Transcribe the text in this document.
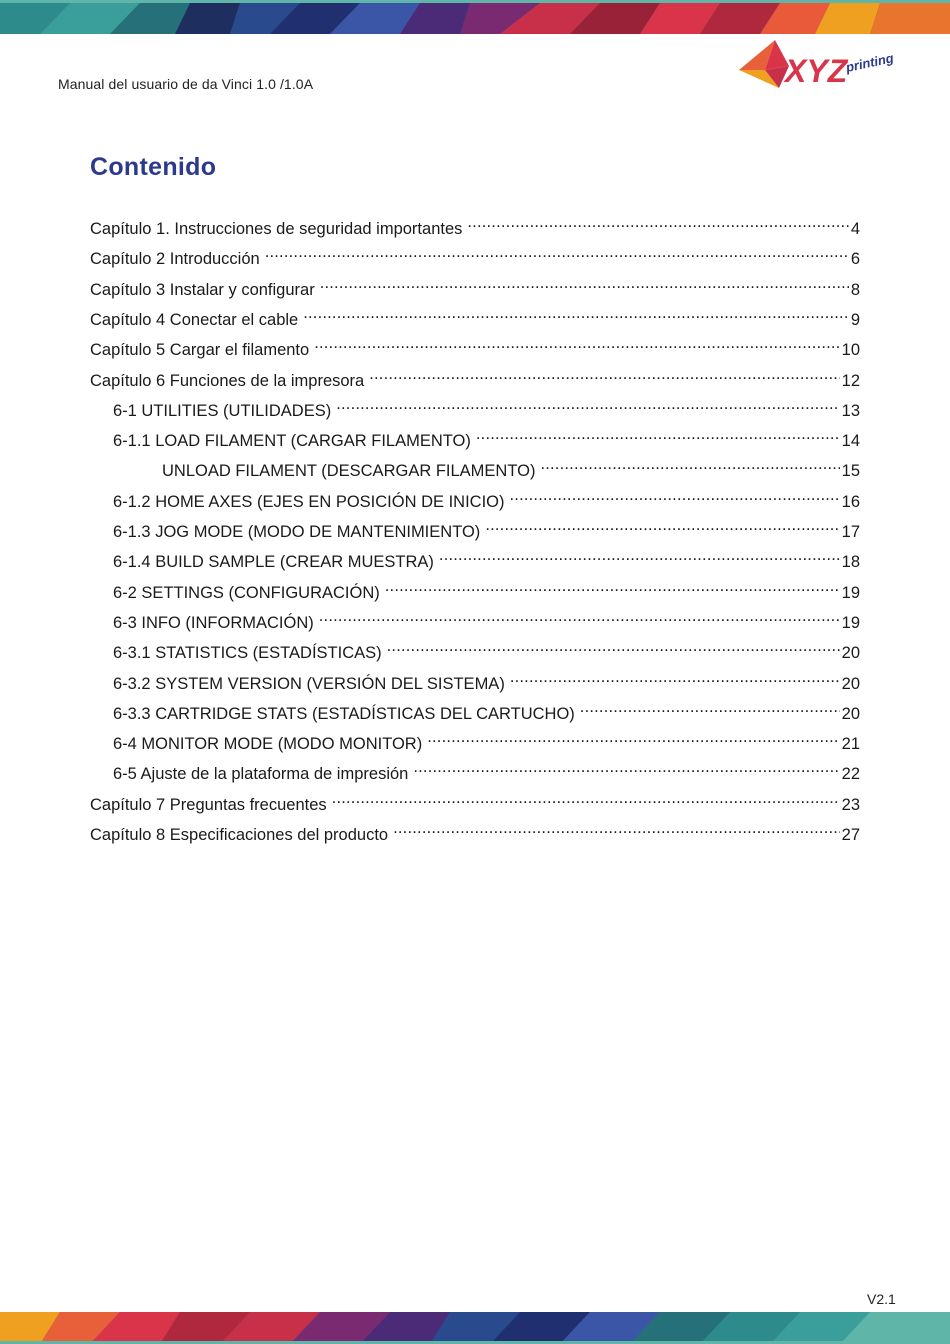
Manual del usuario de da Vinci 1.0 /1.0A	XYZ
printing
Contenido
Capítulo 1. Instrucciones de seguridad importantes .....	4
Capítulo 2 Introducción .....	6
Capítulo 3 Instalar y configurar .....	8
Capítulo 4 Conectar el cable .....	9
Capítulo 5 Cargar el filamento .....	10
Capítulo 6 Funciones de la impresora .....	12
6-1 UTILITIES (UTILIDADES) .....	13
6-1.1 LOAD FILAMENT (CARGAR FILAMENTO) .....	14
UNLOAD FILAMENT (DESCARGAR FILAMENTO) .....	15
6-1.2 HOME AXES (EJES EN POSICIÓN DE INICIO) .....	16
6-1.3 JOG MODE (MODO DE MANTENIMIENTO) .....	17
6-1.4 BUILD SAMPLE (CREAR MUESTRA) .....	18
6-2 SETTINGS (CONFIGURACIÓN) .....	19
6-3 INFO (INFORMACIÓN) .....	19
6-3.1 STATISTICS (ESTADÍSTICAS) .....	20
6-3.2 SYSTEM VERSION (VERSIÓN DEL SISTEMA) .....	20
6-3.3 CARTRIDGE STATS (ESTADÍSTICAS DEL CARTUCHO) .....	20
6-4 MONITOR MODE (MODO MONITOR) .....	21
6-5 Ajuste de la plataforma de impresión .....	22
Capítulo 7 Preguntas frecuentes .....	23
Capítulo 8 Especificaciones del producto .....	27
V2.1
